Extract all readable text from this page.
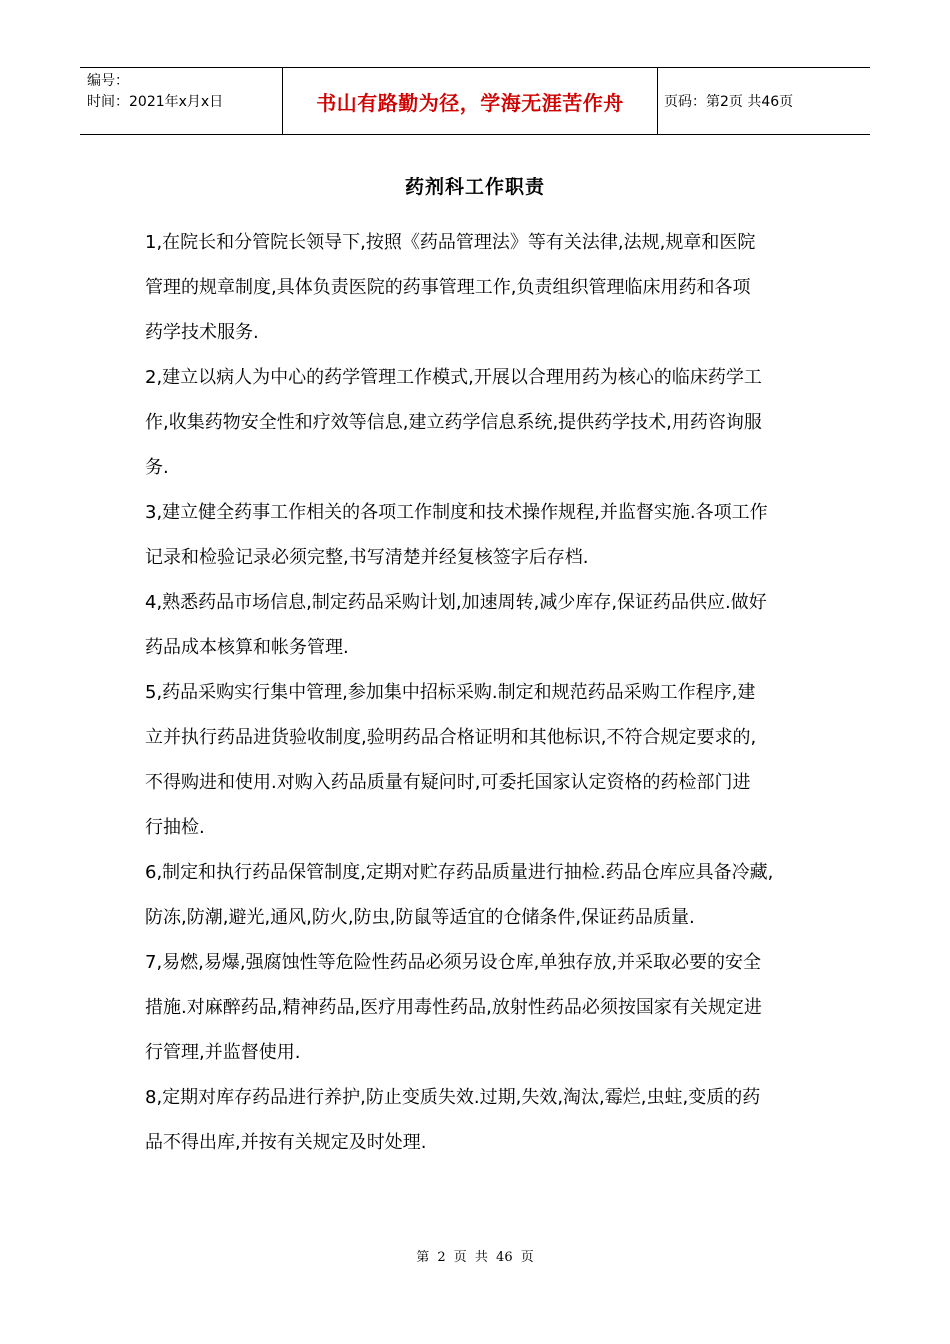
编号：
时间：2021年x月x日	书山有路勤为径，学海无涯苦作舟	页码：第2页 共46页
药剂科工作职责
1,在院长和分管院长领导下,按照《药品管理法》等有关法律,法规,规章和医院
管理的规章制度,具体负责医院的药事管理工作,负责组织管理临床用药和各项
药学技术服务.
2,建立以病人为中心的药学管理工作模式,开展以合理用药为核心的临床药学工
作,收集药物安全性和疗效等信息,建立药学信息系统,提供药学技术,用药咨询服
务.
3,建立健全药事工作相关的各项工作制度和技术操作规程,并监督实施.各项工作
记录和检验记录必须完整,书写清楚并经复核签字后存档.
4,熟悉药品市场信息,制定药品采购计划,加速周转,减少库存,保证药品供应.做好
药品成本核算和帐务管理.
5,药品采购实行集中管理,参加集中招标采购.制定和规范药品采购工作程序,建
立并执行药品进货验收制度,验明药品合格证明和其他标识,不符合规定要求的,
不得购进和使用.对购入药品质量有疑问时,可委托国家认定资格的药检部门进
行抽检.
6,制定和执行药品保管制度,定期对贮存药品质量进行抽检.药品仓库应具备冷藏,
防冻,防潮,避光,通风,防火,防虫,防鼠等适宜的仓储条件,保证药品质量.
7,易燃,易爆,强腐蚀性等危险性药品必须另设仓库,单独存放,并采取必要的安全
措施.对麻醉药品,精神药品,医疗用毒性药品,放射性药品必须按国家有关规定进
行管理,并监督使用.
8,定期对库存药品进行养护,防止变质失效.过期,失效,淘汰,霉烂,虫蛀,变质的药
品不得出库,并按有关规定及时处理.
第 2 页 共 46 页
